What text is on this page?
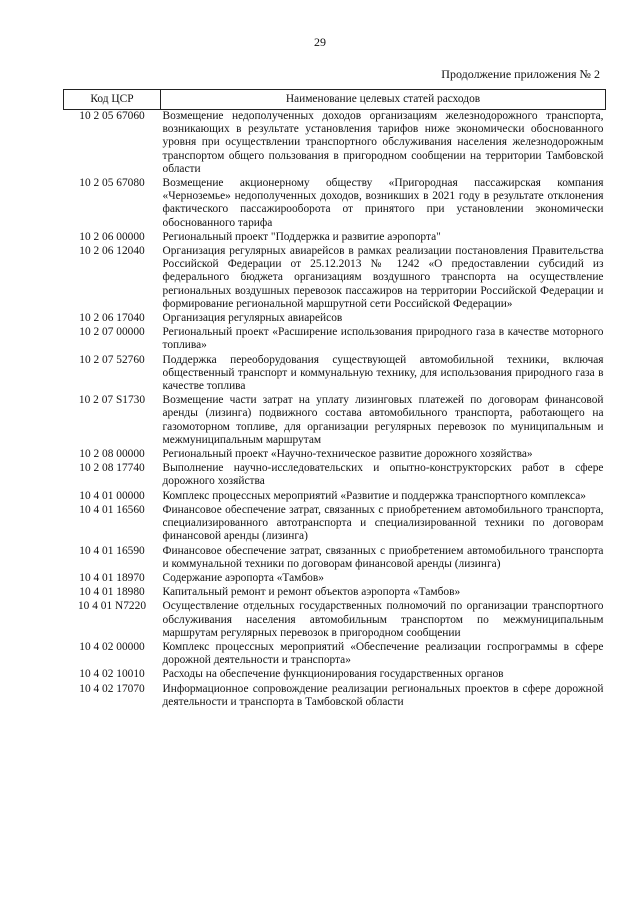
29
Продолжение приложения № 2
Код ЦСР	Наименование целевых статей расходов
10 2 05 67060	Возмещение недополученных доходов организациям железнодорожного транспорта, возникающих в результате установления тарифов ниже экономически обоснованного уровня при осуществлении транспортного обслуживания населения железнодорожным транспортом общего пользования в пригородном сообщении на территории Тамбовской области
10 2 05 67080	Возмещение акционерному обществу «Пригородная пассажирская компания «Черноземье» недополученных доходов, возникших в 2021 году в результате отклонения фактического пассажирооборота от принятого при установлении экономически обоснованного тарифа
10 2 06 00000	Региональный проект "Поддержка и развитие аэропорта"
10 2 06 12040	Организация регулярных авиарейсов в рамках реализации постановления Правительства Российской Федерации от 25.12.2013 № 1242 «О предоставлении субсидий из федерального бюджета организациям воздушного транспорта на осуществление региональных воздушных перевозок пассажиров на территории Российской Федерации и формирование региональной маршрутной сети Российской Федерации»
10 2 06 17040	Организация регулярных авиарейсов
10 2 07 00000	Региональный проект «Расширение использования природного газа в качестве моторного топлива»
10 2 07 52760	Поддержка переоборудования существующей автомобильной техники, включая общественный транспорт и коммунальную технику, для использования природного газа в качестве топлива
10 2 07 S1730	Возмещение части затрат на уплату лизинговых платежей по договорам финансовой аренды (лизинга) подвижного состава автомобильного транспорта, работающего на газомоторном топливе, для организации регулярных перевозок по муниципальным и межмуниципальным маршрутам
10 2 08 00000	Региональный проект «Научно-техническое развитие дорожного хозяйства»
10 2 08 17740	Выполнение научно-исследовательских и опытно-конструкторских работ в сфере дорожного хозяйства
10 4 01 00000	Комплекс процессных мероприятий «Развитие и поддержка транспортного комплекса»
10 4 01 16560	Финансовое обеспечение затрат, связанных с приобретением автомобильного транспорта, специализированного автотранспорта и специализированной техники по договорам финансовой аренды (лизинга)
10 4 01 16590	Финансовое обеспечение затрат, связанных с приобретением автомобильного транспорта и коммунальной техники по договорам финансовой аренды (лизинга)
10 4 01 18970	Содержание аэропорта «Тамбов»
10 4 01 18980	Капитальный ремонт и ремонт объектов аэропорта «Тамбов»
10 4 01 N7220	Осуществление отдельных государственных полномочий по организации транспортного обслуживания населения автомобильным транспортом по межмуниципальным маршрутам регулярных перевозок в пригородном сообщении
10 4 02 00000	Комплекс процессных мероприятий «Обеспечение реализации госпрограммы в сфере дорожной деятельности и транспорта»
10 4 02 10010	Расходы на обеспечение функционирования государственных органов
10 4 02 17070	Информационное сопровождение реализации региональных проектов в сфере дорожной деятельности и транспорта в Тамбовской области
